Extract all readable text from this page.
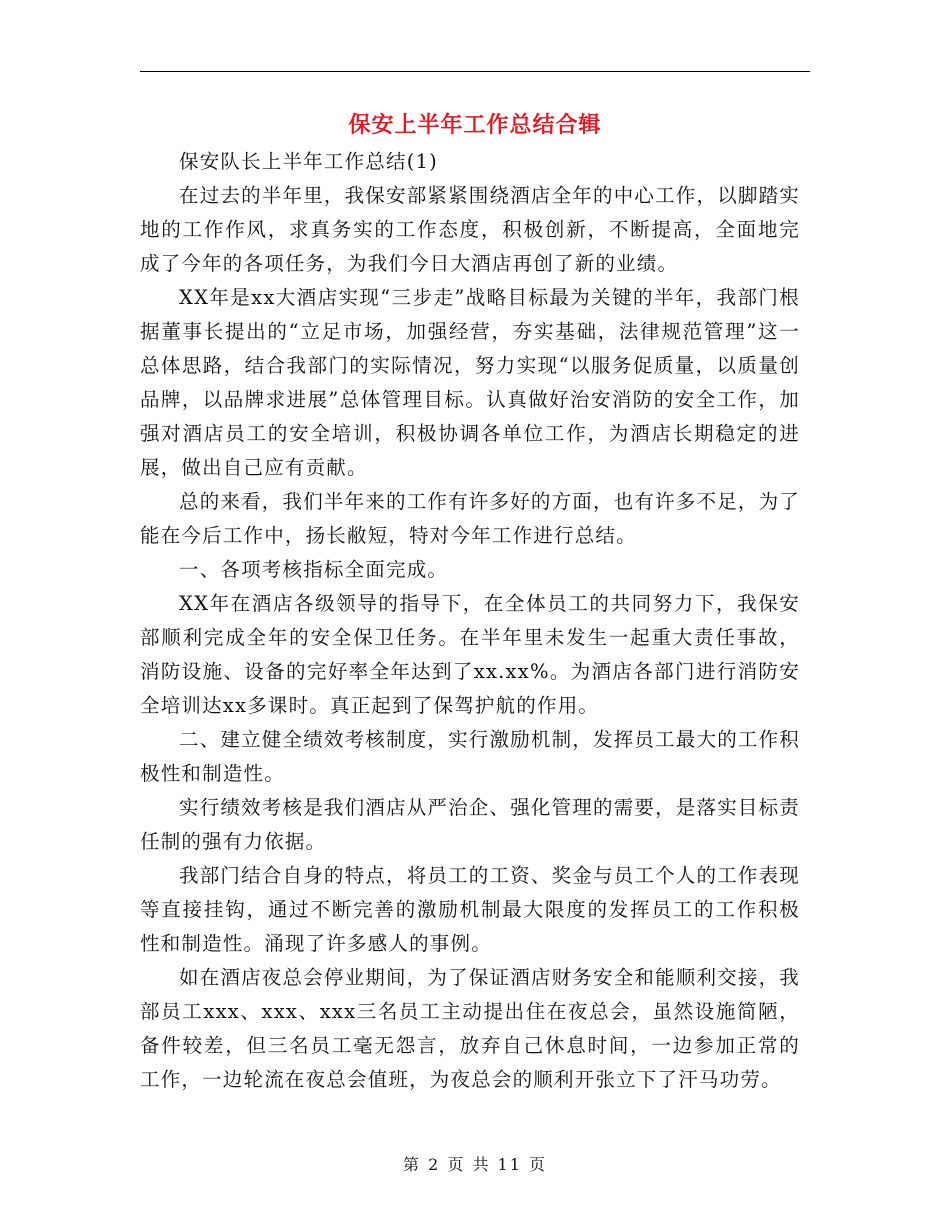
保安上半年工作总结合辑

保安队长上半年工作总结(1)

在过去的半年里，我保安部紧紧围绕酒店全年的中心工作，以脚踏实地的工作作风，求真务实的工作态度，积极创新，不断提高，全面地完成了今年的各项任务，为我们今日大酒店再创了新的业绩。

XX年是xx大酒店实现“三步走”战略目标最为关键的半年，我部门根据董事长提出的“立足市场，加强经营，夯实基础，法律规范管理”这一总体思路，结合我部门的实际情况，努力实现“以服务促质量，以质量创品牌，以品牌求进展”总体管理目标。认真做好治安消防的安全工作，加强对酒店员工的安全培训，积极协调各单位工作，为酒店长期稳定的进展，做出自己应有贡献。

总的来看，我们半年来的工作有许多好的方面，也有许多不足，为了能在今后工作中，扬长敝短，特对今年工作进行总结。

一、各项考核指标全面完成。

XX年在酒店各级领导的指导下，在全体员工的共同努力下，我保安部顺利完成全年的安全保卫任务。在半年里未发生一起重大责任事故，消防设施、设备的完好率全年达到了xx.xx%。为酒店各部门进行消防安全培训达xx多课时。真正起到了保驾护航的作用。

二、建立健全绩效考核制度，实行激励机制，发挥员工最大的工作积极性和制造性。

实行绩效考核是我们酒店从严治企、强化管理的需要，是落实目标责任制的强有力依据。

我部门结合自身的特点，将员工的工资、奖金与员工个人的工作表现等直接挂钩，通过不断完善的激励机制最大限度的发挥员工的工作积极性和制造性。涌现了许多感人的事例。

如在酒店夜总会停业期间，为了保证酒店财务安全和能顺利交接，我部员工xxx、xxx、xxx三名员工主动提出住在夜总会，虽然设施简陋，备件较差，但三名员工毫无怨言，放弃自己休息时间，一边参加正常的工作，一边轮流在夜总会值班，为夜总会的顺利开张立下了汗马功劳。

第 2 页 共 11 页
